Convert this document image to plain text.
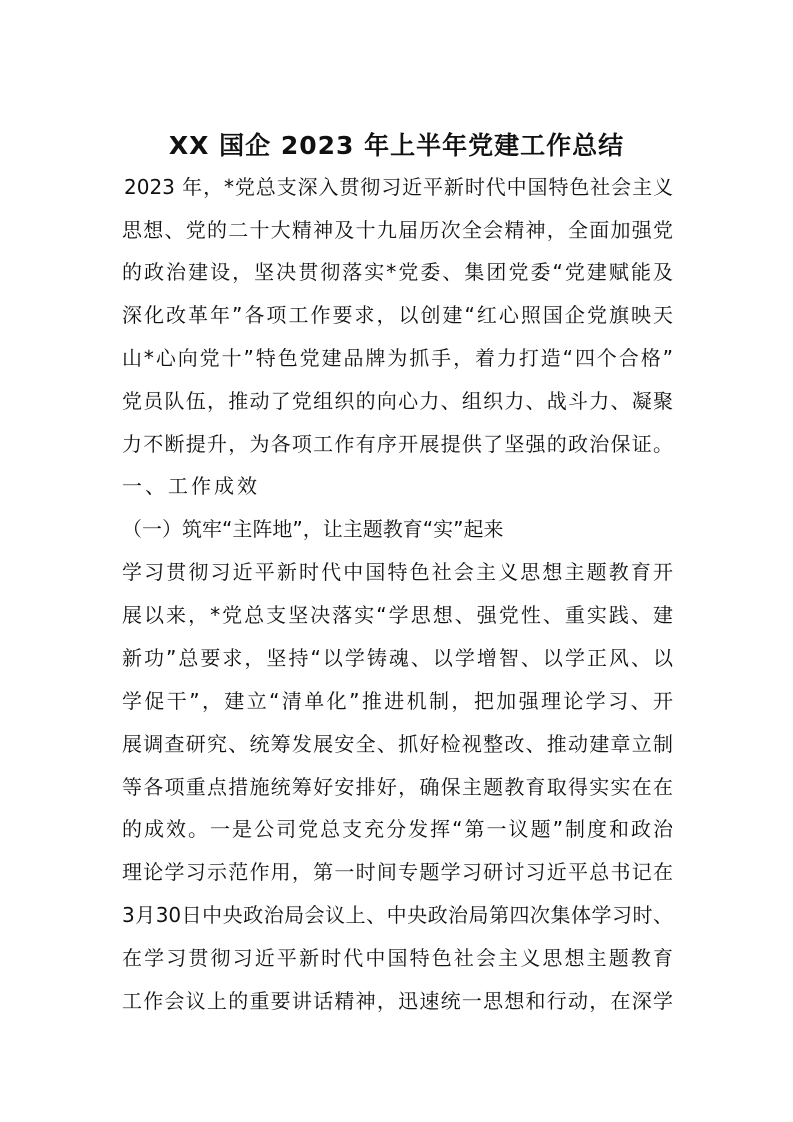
XX 国企 2023 年上半年党建工作总结
2023 年，*党总支深入贯彻习近平新时代中国特色社会主义
思想、党的二十大精神及十九届历次全会精神，全面加强党
的政治建设，坚决贯彻落实*党委、集团党委“党建赋能及
深化改革年”各项工作要求，以创建“红心照国企党旗映天
山*心向党十”特色党建品牌为抓手，着力打造“四个合格”
党员队伍，推动了党组织的向心力、组织力、战斗力、凝聚
力不断提升，为各项工作有序开展提供了坚强的政治保证。
一、工作成效
（一）筑牢“主阵地”，让主题教育“实”起来
学习贯彻习近平新时代中国特色社会主义思想主题教育开
展以来，*党总支坚决落实“学思想、强党性、重实践、建
新功”总要求，坚持“以学铸魂、以学增智、以学正风、以
学促干”，建立“清单化”推进机制，把加强理论学习、开
展调查研究、统筹发展安全、抓好检视整改、推动建章立制
等各项重点措施统筹好安排好，确保主题教育取得实实在在
的成效。一是公司党总支充分发挥“第一议题”制度和政治
理论学习示范作用，第一时间专题学习研讨习近平总书记在
3月30日中央政治局会议上、中央政治局第四次集体学习时、
在学习贯彻习近平新时代中国特色社会主义思想主题教育
工作会议上的重要讲话精神，迅速统一思想和行动，在深学
